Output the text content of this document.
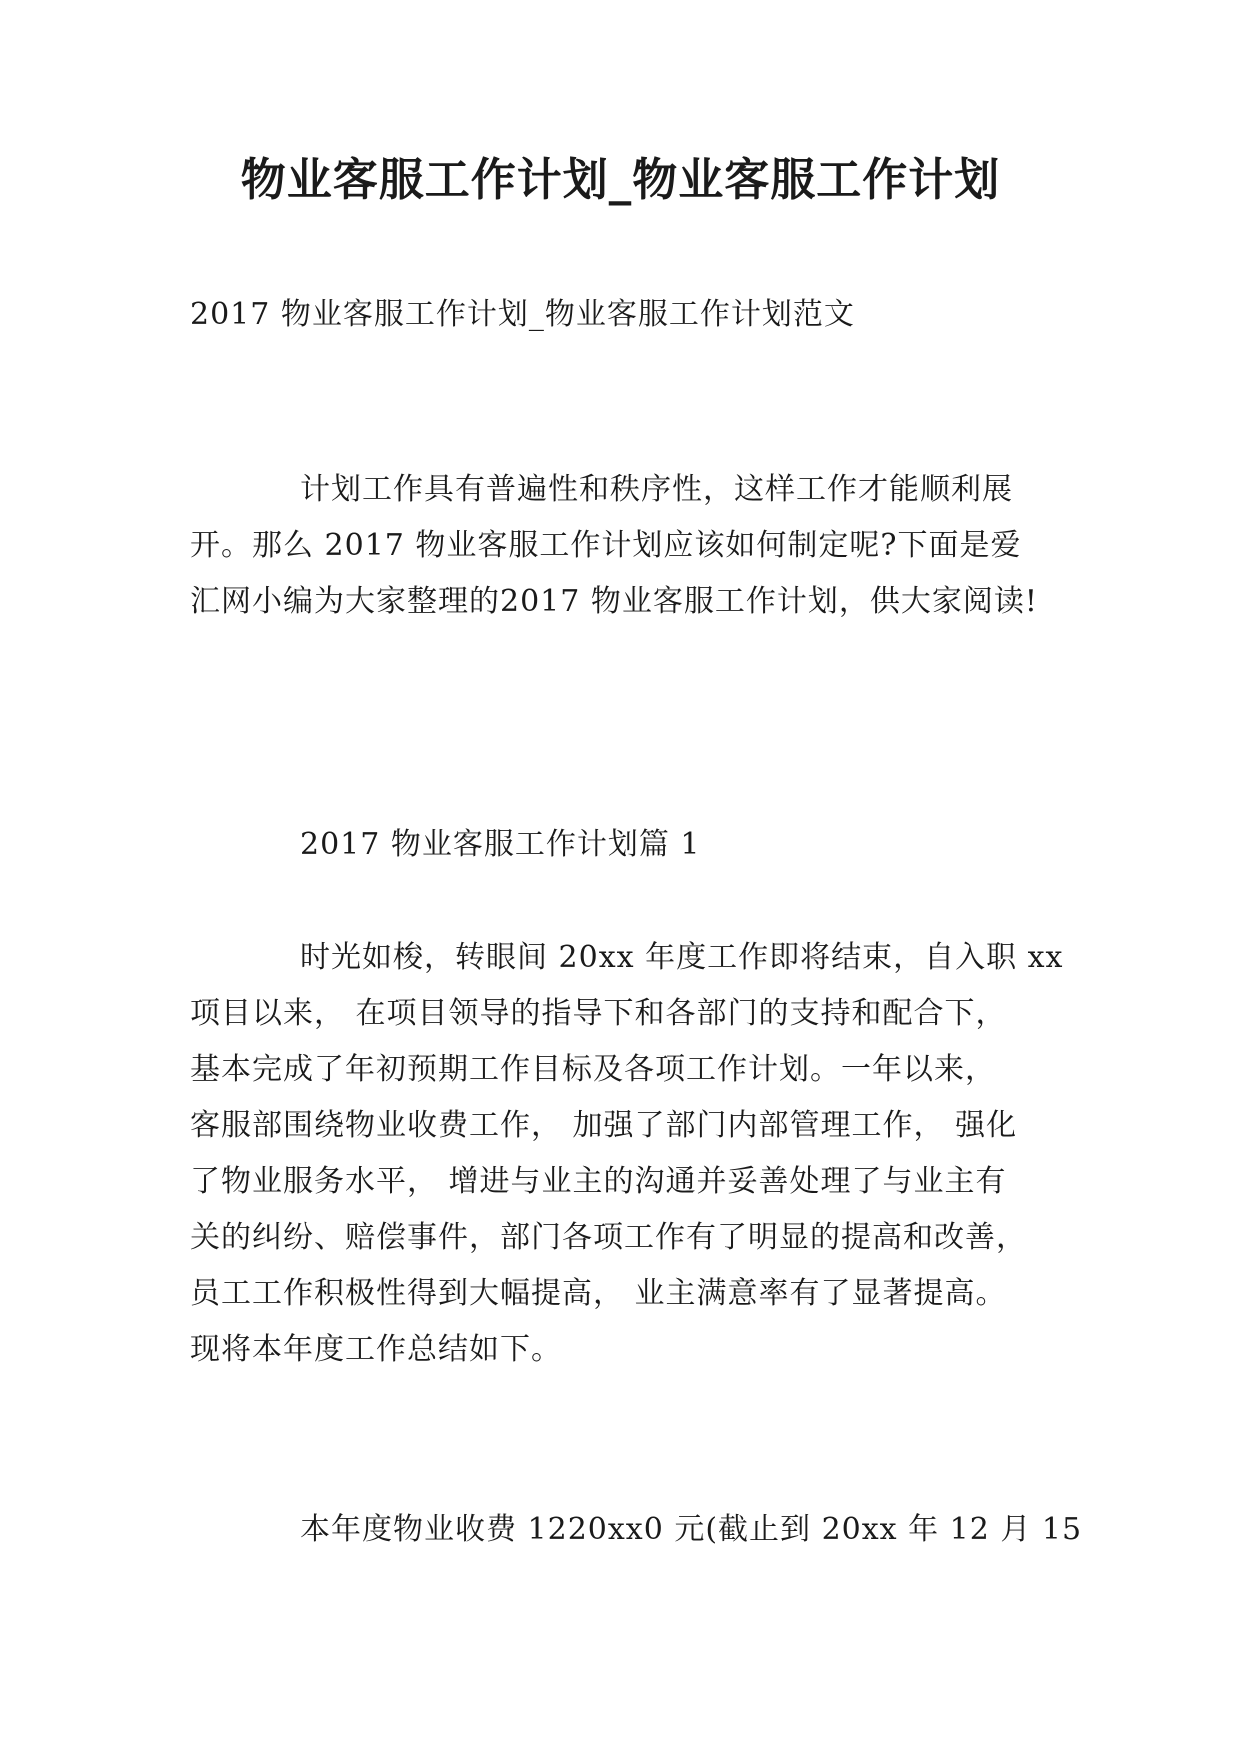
物业客服工作计划_物业客服工作计划
2017 物业客服工作计划_物业客服工作计划范文
计划工作具有普遍性和秩序性，这样工作才能顺利展
开。那么 2017 物业客服工作计划应该如何制定呢?下面是爱
汇网小编为大家整理的2017 物业客服工作计划，供大家阅读!
2017 物业客服工作计划篇 1
时光如梭，转眼间 20xx 年度工作即将结束，自入职 xx
项目以来， 在项目领导的指导下和各部门的支持和配合下，
基本完成了年初预期工作目标及各项工作计划。一年以来，
客服部围绕物业收费工作， 加强了部门内部管理工作， 强化
了物业服务水平， 增进与业主的沟通并妥善处理了与业主有
关的纠纷、赔偿事件，部门各项工作有了明显的提高和改善，
员工工作积极性得到大幅提高， 业主满意率有了显著提高。
现将本年度工作总结如下。
本年度物业收费 1220xx0 元(截止到 20xx 年 12 月 15
